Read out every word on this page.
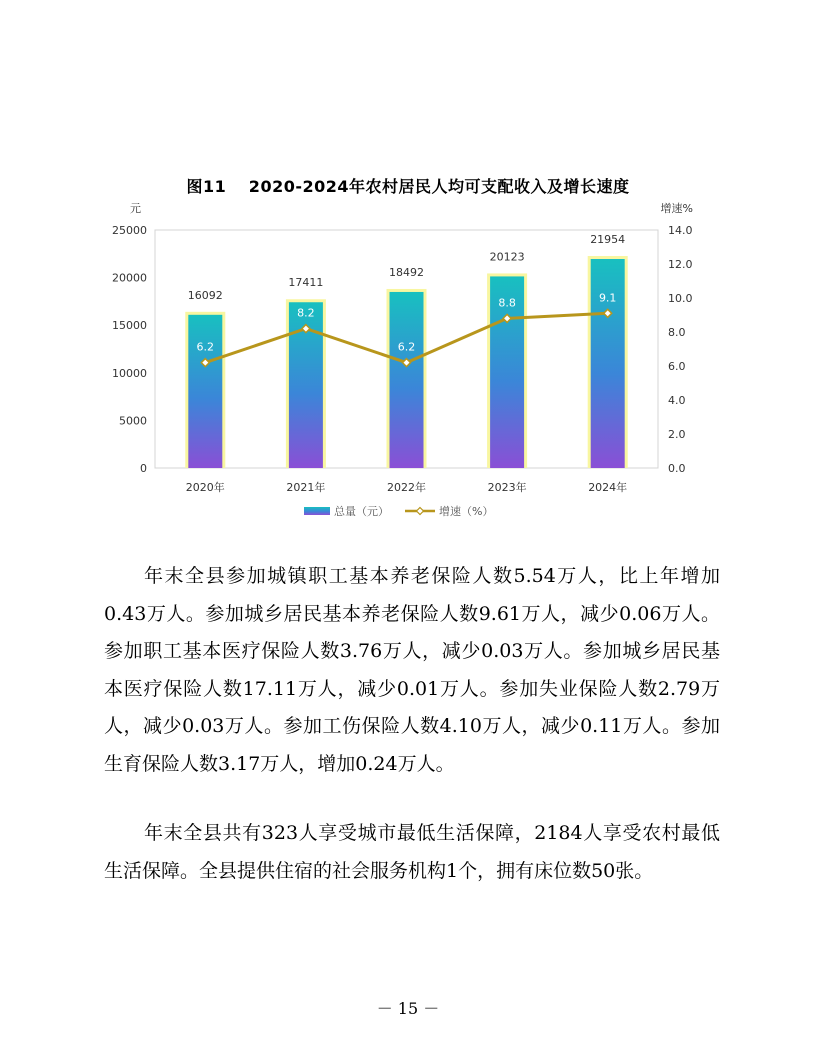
图11　 2020-2024年农村居民人均可支配收入及增长速度
0
5000
10000
15000
20000
25000
0.0
2.0
4.0
6.0
8.0
10.0
12.0
14.0
元	增速%
16092
17411
18492
20123
21954
2020年	2021年	2022年	2023年	2024年
6.2
8.2
6.2
8.8	9.1
总量（元）	增速（%）

年末全县参加城镇职工基本养老保险人数5.54万人，比上年增加0.43万人。参加城乡居民基本养老保险人数9.61万人，减少0.06万人。参加职工基本医疗保险人数3.76万人，减少0.03万人。参加城乡居民基本医疗保险人数17.11万人，减少0.01万人。参加失业保险人数2.79万人，减少0.03万人。参加工伤保险人数4.10万人，减少0.11万人。参加生育保险人数3.17万人，增加0.24万人。

年末全县共有323人享受城市最低生活保障，2184人享受农村最低生活保障。全县提供住宿的社会服务机构1个，拥有床位数50张。

－ 15 －
